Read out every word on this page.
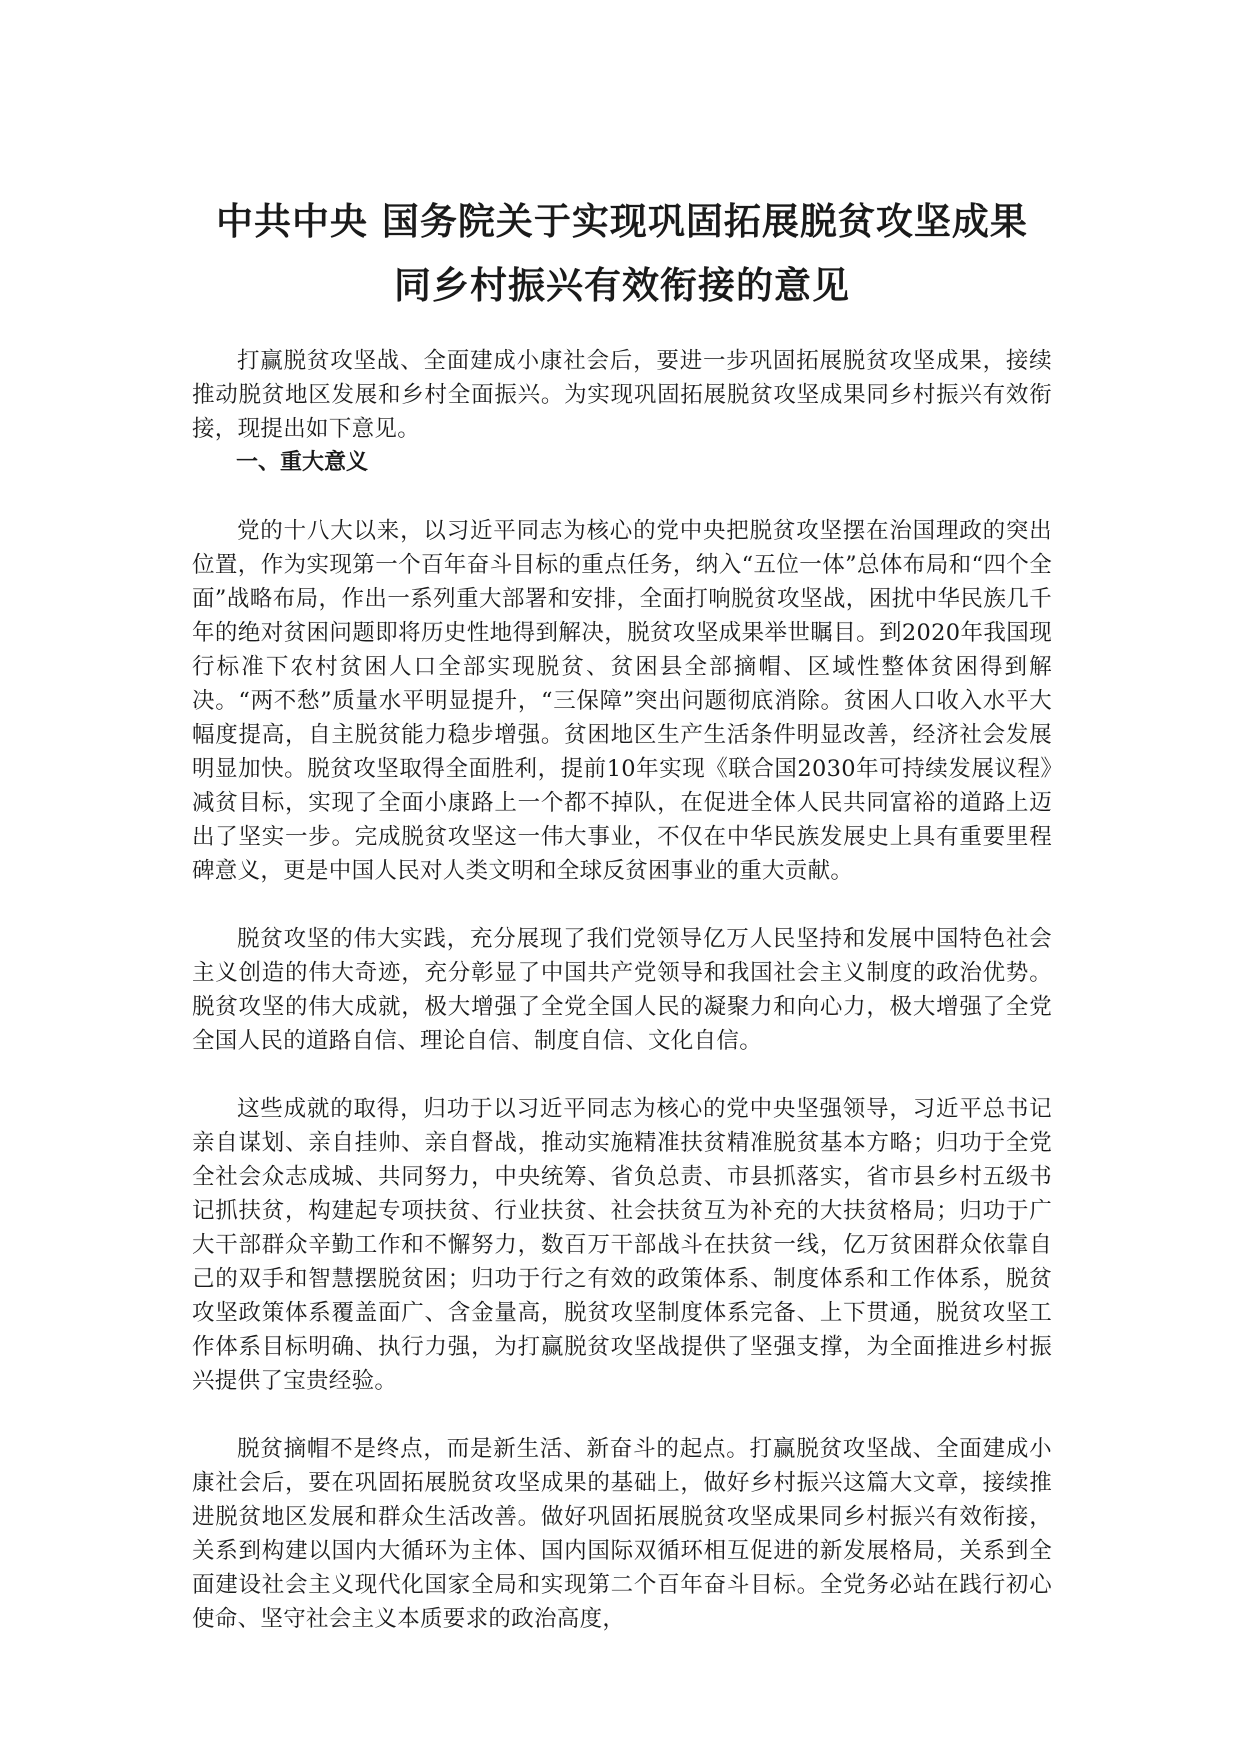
中共中央 国务院关于实现巩固拓展脱贫攻坚成果
同乡村振兴有效衔接的意见

打赢脱贫攻坚战、全面建成小康社会后，要进一步巩固拓展脱贫攻坚成果，接续推动脱贫地区发展和乡村全面振兴。为实现巩固拓展脱贫攻坚成果同乡村振兴有效衔接，现提出如下意见。

一、重大意义

党的十八大以来，以习近平同志为核心的党中央把脱贫攻坚摆在治国理政的突出位置，作为实现第一个百年奋斗目标的重点任务，纳入“五位一体”总体布局和“四个全面”战略布局，作出一系列重大部署和安排，全面打响脱贫攻坚战，困扰中华民族几千年的绝对贫困问题即将历史性地得到解决，脱贫攻坚成果举世瞩目。到2020年我国现行标准下农村贫困人口全部实现脱贫、贫困县全部摘帽、区域性整体贫困得到解决。“两不愁”质量水平明显提升，“三保障”突出问题彻底消除。贫困人口收入水平大幅度提高，自主脱贫能力稳步增强。贫困地区生产生活条件明显改善，经济社会发展明显加快。脱贫攻坚取得全面胜利，提前10年实现《联合国2030年可持续发展议程》减贫目标，实现了全面小康路上一个都不掉队，在促进全体人民共同富裕的道路上迈出了坚实一步。完成脱贫攻坚这一伟大事业，不仅在中华民族发展史上具有重要里程碑意义，更是中国人民对人类文明和全球反贫困事业的重大贡献。

脱贫攻坚的伟大实践，充分展现了我们党领导亿万人民坚持和发展中国特色社会主义创造的伟大奇迹，充分彰显了中国共产党领导和我国社会主义制度的政治优势。脱贫攻坚的伟大成就，极大增强了全党全国人民的凝聚力和向心力，极大增强了全党全国人民的道路自信、理论自信、制度自信、文化自信。

这些成就的取得，归功于以习近平同志为核心的党中央坚强领导，习近平总书记亲自谋划、亲自挂帅、亲自督战，推动实施精准扶贫精准脱贫基本方略；归功于全党全社会众志成城、共同努力，中央统筹、省负总责、市县抓落实，省市县乡村五级书记抓扶贫，构建起专项扶贫、行业扶贫、社会扶贫互为补充的大扶贫格局；归功于广大干部群众辛勤工作和不懈努力，数百万干部战斗在扶贫一线，亿万贫困群众依靠自己的双手和智慧摆脱贫困；归功于行之有效的政策体系、制度体系和工作体系，脱贫攻坚政策体系覆盖面广、含金量高，脱贫攻坚制度体系完备、上下贯通，脱贫攻坚工作体系目标明确、执行力强，为打赢脱贫攻坚战提供了坚强支撑，为全面推进乡村振兴提供了宝贵经验。

脱贫摘帽不是终点，而是新生活、新奋斗的起点。打赢脱贫攻坚战、全面建成小康社会后，要在巩固拓展脱贫攻坚成果的基础上，做好乡村振兴这篇大文章，接续推进脱贫地区发展和群众生活改善。做好巩固拓展脱贫攻坚成果同乡村振兴有效衔接，关系到构建以国内大循环为主体、国内国际双循环相互促进的新发展格局，关系到全面建设社会主义现代化国家全局和实现第二个百年奋斗目标。全党务必站在践行初心使命、坚守社会主义本质要求的政治高度，
